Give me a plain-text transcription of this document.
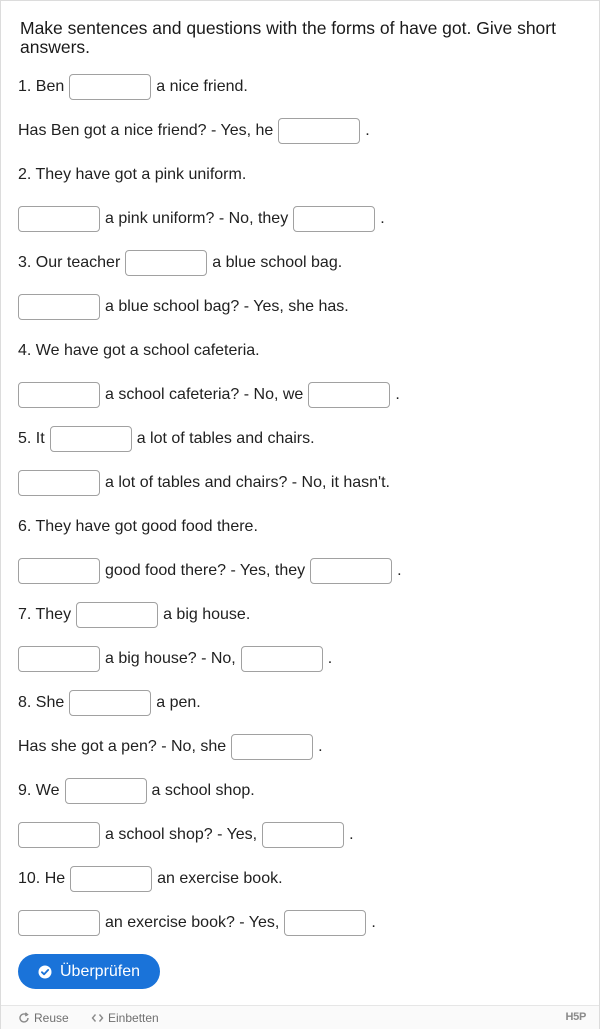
Make sentences and questions with the forms of have got. Give short answers.
1. Ben	a nice friend.
Has Ben got a nice friend? - Yes, he	.
2. They have got a pink uniform.
a pink uniform? - No, they	.
3. Our teacher	a blue school bag.
a blue school bag? - Yes, she has.
4. We have got a school cafeteria.
a school cafeteria? - No, we	.
5. It	a lot of tables and chairs.
a lot of tables and chairs? - No, it hasn't.
6. They have got good food there.
good food there? - Yes, they	.
7. They	a big house.
a big house? - No,	.
8. She	a pen.
Has she got a pen? - No, she	.
9. We	a school shop.
a school shop? - Yes,	.
10. He	an exercise book.
an exercise book? - Yes,	.
Überprüfen
Reuse	Einbetten	H5P
